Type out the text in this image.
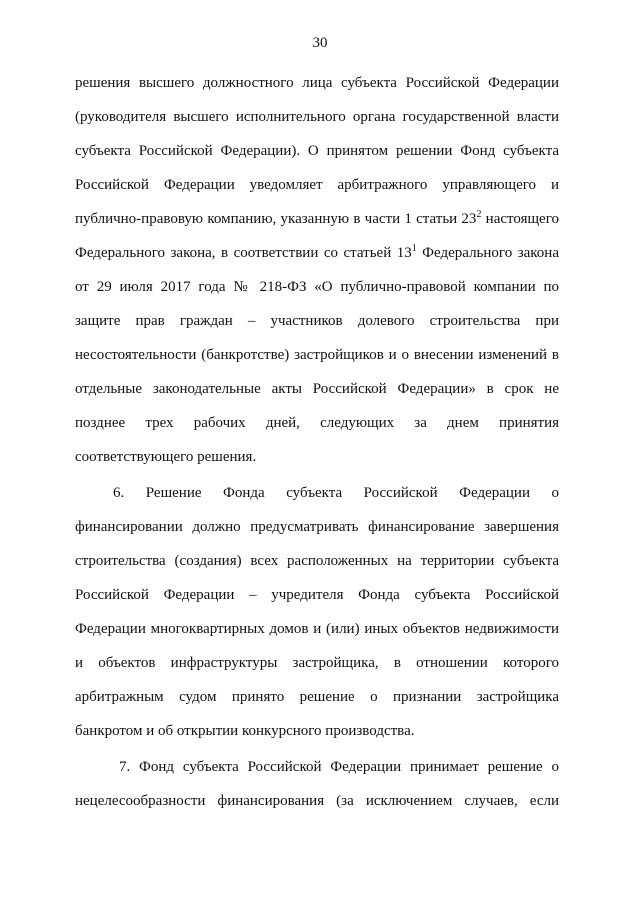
30
решения высшего должностного лица субъекта Российской Федерации
(руководителя высшего исполнительного органа государственной власти
субъекта Российской Федерации). О принятом решении Фонд субъекта
Российской Федерации уведомляет арбитражного управляющего и
публично-правовую компанию, указанную в части 1 статьи $23^2$ настоящего
Федерального закона, в соответствии со статьей $13^1$ Федерального закона
от 29 июля 2017 года № 218-ФЗ «О публично-правовой компании по
защите прав граждан – участников долевого строительства при
несостоятельности (банкротстве) застройщиков и о внесении изменений в
отдельные законодательные акты Российской Федерации» в срок не
позднее трех рабочих дней, следующих за днем принятия
соответствующего решения.
6. Решение Фонда субъекта Российской Федерации о
финансировании должно предусматривать финансирование завершения
строительства (создания) всех расположенных на территории субъекта
Российской Федерации – учредителя Фонда субъекта Российской
Федерации многоквартирных домов и (или) иных объектов недвижимости
и объектов инфраструктуры застройщика, в отношении которого
арбитражным судом принято решение о признании застройщика
банкротом и об открытии конкурсного производства.
7. Фонд субъекта Российской Федерации принимает решение о
нецелесообразности финансирования (за исключением случаев, если
